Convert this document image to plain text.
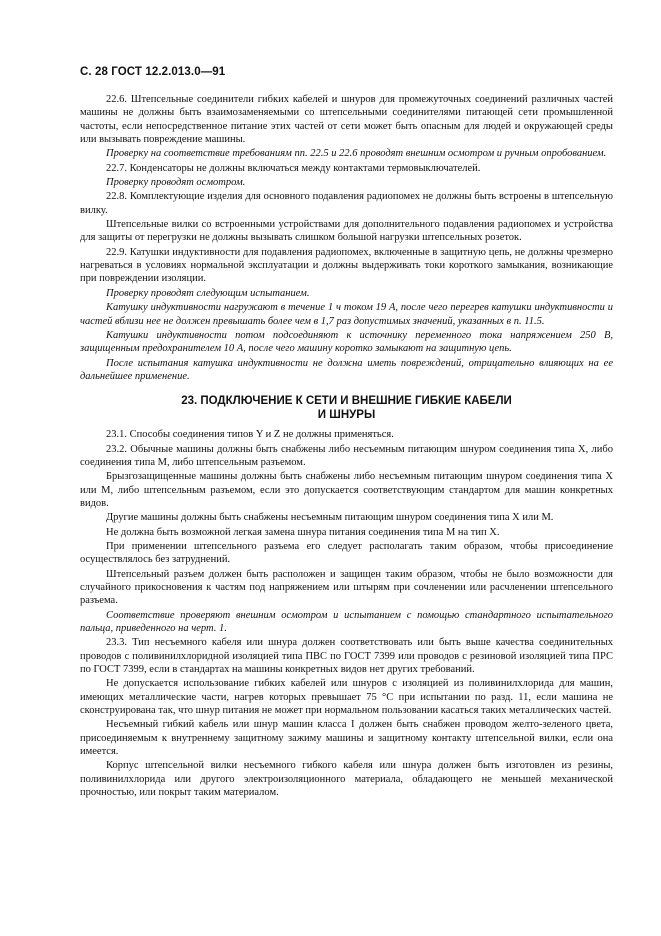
С. 28 ГОСТ 12.2.013.0—91

22.6. Штепсельные соединители гибких кабелей и шнуров для промежуточных соединений различных частей машины не должны быть взаимозаменяемыми со штепсельными соединителями питающей сети промышленной частоты, если непосредственное питание этих частей от сети может быть опасным для людей и окружающей среды или вызывать повреждение машины.

Проверку на соответствие требованиям пп. 22.5 и 22.6 проводят внешним осмотром и ручным опробованием.

22.7. Конденсаторы не должны включаться между контактами термовыключателей.

Проверку проводят осмотром.

22.8. Комплектующие изделия для основного подавления радиопомех не должны быть встроены в штепсельную вилку.

Штепсельные вилки со встроенными устройствами для дополнительного подавления радиопомех и устройства для защиты от перегрузки не должны вызывать слишком большой нагрузки штепсельных розеток.

22.9. Катушки индуктивности для подавления радиопомех, включенные в защитную цепь, не должны чрезмерно нагреваться в условиях нормальной эксплуатации и должны выдерживать токи короткого замыкания, возникающие при повреждении изоляции.

Проверку проводят следующим испытанием.

Катушку индуктивности нагружают в течение 1 ч током 19 А, после чего перегрев катушки индуктивности и частей вблизи нее не должен превышать более чем в 1,7 раз допустимых значений, указанных в п. 11.5.

Катушки индуктивности потом подсоединяют к источнику переменного тока напряжением 250 В, защищенным предохранителем 10 А, после чего машину коротко замыкают на защитную цепь.

После испытания катушка индуктивности не должна иметь повреждений, отрицательно влияющих на ее дальнейшее применение.

23. ПОДКЛЮЧЕНИЕ К СЕТИ И ВНЕШНИЕ ГИБКИЕ КАБЕЛИ
И ШНУРЫ

23.1. Способы соединения типов Y и Z не должны применяться.

23.2. Обычные машины должны быть снабжены либо несъемным питающим шнуром соединения типа X, либо соединения типа M, либо штепсельным разъемом.

Брызгозащищенные машины должны быть снабжены либо несъемным питающим шнуром соединения типа X или M, либо штепсельным разъемом, если это допускается соответствующим стандартом для машин конкретных видов.

Другие машины должны быть снабжены несъемным питающим шнуром соединения типа X или M.

Не должна быть возможной легкая замена шнура питания соединения типа M на тип X.

При применении штепсельного разъема его следует располагать таким образом, чтобы присоединение осуществлялось без затруднений.

Штепсельный разъем должен быть расположен и защищен таким образом, чтобы не было возможности для случайного прикосновения к частям под напряжением или штырям при сочленении или расчленении штепсельного разъема.

Соответствие проверяют внешним осмотром и испытанием с помощью стандартного испытательного пальца, приведенного на черт. 1.

23.3. Тип несъемного кабеля или шнура должен соответствовать или быть выше качества соединительных проводов с поливинилхлоридной изоляцией типа ПВС по ГОСТ 7399 или проводов с резиновой изоляцией типа ПРС по ГОСТ 7399, если в стандартах на машины конкретных видов нет других требований.

Не допускается использование гибких кабелей или шнуров с изоляцией из поливинилхлорида для машин, имеющих металлические части, нагрев которых превышает 75 °С при испытании по разд. 11, если машина не сконструирована так, что шнур питания не может при нормальном пользовании касаться таких металлических частей.

Несъемный гибкий кабель или шнур машин класса I должен быть снабжен проводом желто-зеленого цвета, присоединяемым к внутреннему защитному зажиму машины и защитному контакту штепсельной вилки, если она имеется.

Корпус штепсельной вилки несъемного гибкого кабеля или шнура должен быть изготовлен из резины, поливинилхлорида или другого электроизоляционного материала, обладающего не меньшей механической прочностью, или покрыт таким материалом.
